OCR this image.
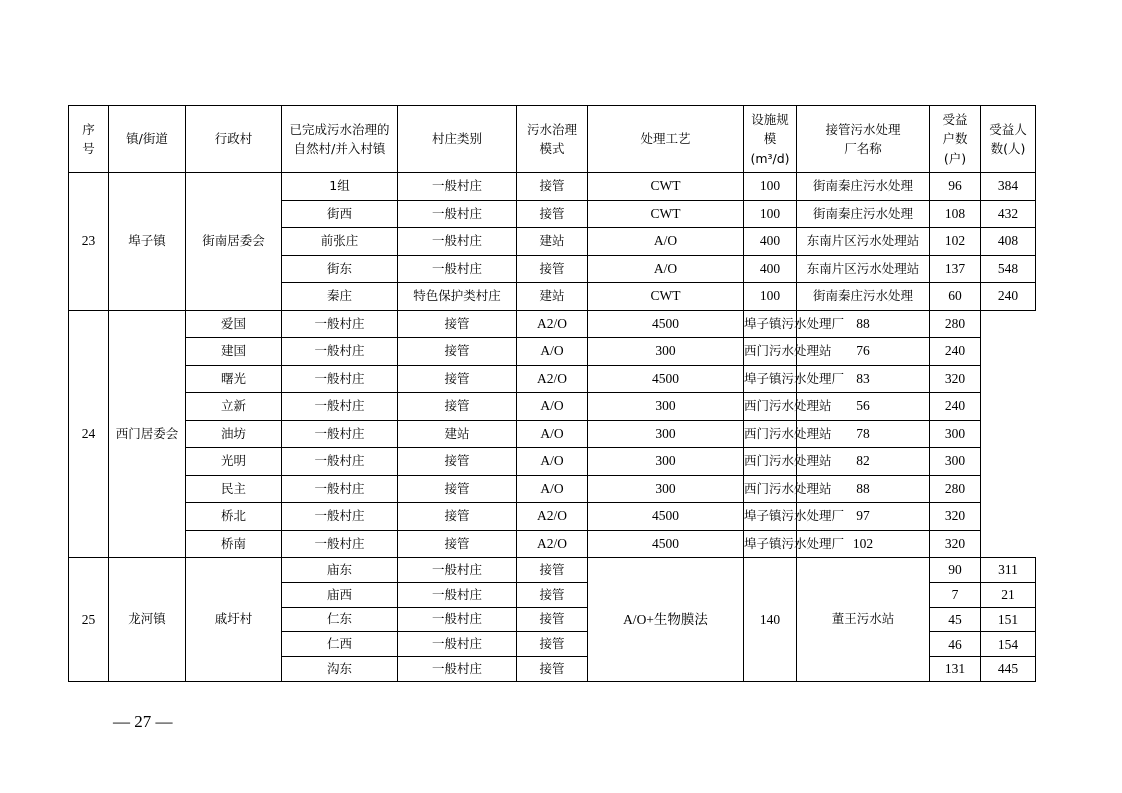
序号	镇/街道	行政村	已完成污水治理的自然村/并入村镇	村庄类别	污水治理模式	处理工艺	设施规模(m³/d)	接管污水处理厂名称	受益户数(户)	受益人数(人)
23	埠子镇	街南居委会	1组	一般村庄	接管	CWT	100	街南秦庄污水处理	96	384
			街西	一般村庄	接管	CWT	100	街南秦庄污水处理	108	432
			前张庄	一般村庄	建站	A/O	400	东南片区污水处理站	102	408
			街东	一般村庄	接管	A/O	400	东南片区污水处理站	137	548
			秦庄	特色保护类村庄	建站	CWT	100	街南秦庄污水处理	60	240
24	西门居委会	爱国	一般村庄	接管	A2/O	4500	埠子镇污水处理厂	88	280	
		建国	一般村庄	接管	A/O	300	西门污水处理站	76	240	
		曙光	一般村庄	接管	A2/O	4500	埠子镇污水处理厂	83	320	
		立新	一般村庄	接管	A/O	300	西门污水处理站	56	240	
		油坊	一般村庄	建站	A/O	300	西门污水处理站	78	300	
		光明	一般村庄	接管	A/O	300	西门污水处理站	82	300	
		民主	一般村庄	接管	A/O	300	西门污水处理站	88	280	
		桥北	一般村庄	接管	A2/O	4500	埠子镇污水处理厂	97	320	
		桥南	一般村庄	接管	A2/O	4500	埠子镇污水处理厂	102	320	
25	龙河镇	戚圩村	庙东	一般村庄	接管	A/O+生物膜法	140	董王污水站	90	311
			庙西	一般村庄	接管				7	21
			仁东	一般村庄	接管				45	151
			仁西	一般村庄	接管				46	154
			沟东	一般村庄	接管				131	445
— 27 —
